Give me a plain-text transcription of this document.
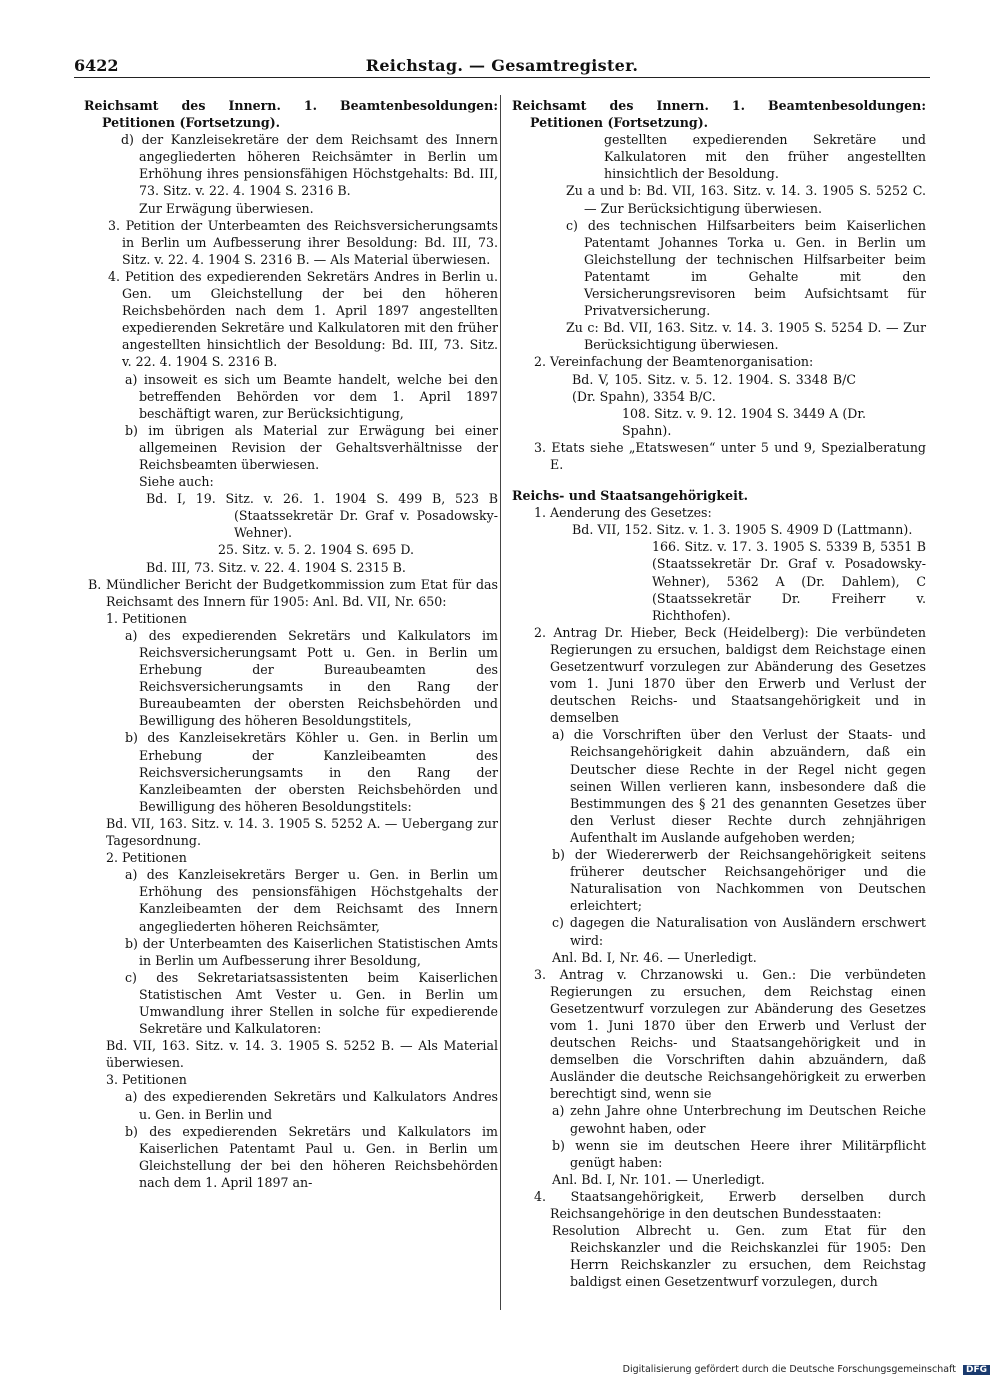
6422	Reichstag. — Gesamtregister.

Reichsamt des Innern. 1. Beamtenbesoldungen: Petitionen (Fortsetzung).

d) der Kanzleisekretäre der dem Reichsamt des Innern angegliederten höheren Reichsämter in Berlin um Erhöhung ihres pensionsfähigen Höchstgehalts: Bd. III, 73. Sitz. v. 22. 4. 1904 S. 2316 B.

Zur Erwägung überwiesen.

3. Petition der Unterbeamten des Reichsversicherungsamts in Berlin um Aufbesserung ihrer Besoldung: Bd. III, 73. Sitz. v. 22. 4. 1904 S. 2316 B. — Als Material überwiesen.

4. Petition des expedierenden Sekretärs Andres in Berlin u. Gen. um Gleichstellung der bei den höheren Reichsbehörden nach dem 1. April 1897 angestellten expedierenden Sekretäre und Kalkulatoren mit den früher angestellten hinsichtlich der Besoldung: Bd. III, 73. Sitz. v. 22. 4. 1904 S. 2316 B.

a) insoweit es sich um Beamte handelt, welche bei den betreffenden Behörden vor dem 1. April 1897 beschäftigt waren, zur Berücksichtigung,

b) im übrigen als Material zur Erwägung bei einer allgemeinen Revision der Gehaltsverhältnisse der Reichsbeamten überwiesen.

Siehe auch:

Bd. I, 19. Sitz. v. 26. 1. 1904 S. 499 B, 523 B (Staatssekretär Dr. Graf v. Posadowsky-Wehner).

25. Sitz. v. 5. 2. 1904 S. 695 D.

Bd. III, 73. Sitz. v. 22. 4. 1904 S. 2315 B.

B. Mündlicher Bericht der Budgetkommission zum Etat für das Reichsamt des Innern für 1905: Anl. Bd. VII, Nr. 650:

1. Petitionen

a) des expedierenden Sekretärs und Kalkulators im Reichsversicherungsamt Pott u. Gen. in Berlin um Erhebung der Bureaubeamten des Reichsversicherungsamts in den Rang der Bureaubeamten der obersten Reichsbehörden und Bewilligung des höheren Besoldungstitels,

b) des Kanzleisekretärs Köhler u. Gen. in Berlin um Erhebung der Kanzleibeamten des Reichsversicherungsamts in den Rang der Kanzleibeamten der obersten Reichsbehörden und Bewilligung des höheren Besoldungstitels:

Bd. VII, 163. Sitz. v. 14. 3. 1905 S. 5252 A. — Uebergang zur Tagesordnung.

2. Petitionen

a) des Kanzleisekretärs Berger u. Gen. in Berlin um Erhöhung des pensionsfähigen Höchstgehalts der Kanzleibeamten der dem Reichsamt des Innern angegliederten höheren Reichsämter,

b) der Unterbeamten des Kaiserlichen Statistischen Amts in Berlin um Aufbesserung ihrer Besoldung,

c) des Sekretariatsassistenten beim Kaiserlichen Statistischen Amt Vester u. Gen. in Berlin um Umwandlung ihrer Stellen in solche für expedierende Sekretäre und Kalkulatoren:

Bd. VII, 163. Sitz. v. 14. 3. 1905 S. 5252 B. — Als Material überwiesen.

3. Petitionen

a) des expedierenden Sekretärs und Kalkulators Andres u. Gen. in Berlin und

b) des expedierenden Sekretärs und Kalkulators im Kaiserlichen Patentamt Paul u. Gen. in Berlin um Gleichstellung der bei den höheren Reichsbehörden nach dem 1. April 1897 an-

Reichsamt des Innern. 1. Beamtenbesoldungen: Petitionen (Fortsetzung).

gestellten expedierenden Sekretäre und Kalkulatoren mit den früher angestellten hinsichtlich der Besoldung.

Zu a und b: Bd. VII, 163. Sitz. v. 14. 3. 1905 S. 5252 C. — Zur Berücksichtigung überwiesen.

c) des technischen Hilfsarbeiters beim Kaiserlichen Patentamt Johannes Torka u. Gen. in Berlin um Gleichstellung der technischen Hilfsarbeiter beim Patentamt im Gehalte mit den Versicherungsrevisoren beim Aufsichtsamt für Privatversicherung.

Zu c: Bd. VII, 163. Sitz. v. 14. 3. 1905 S. 5254 D. — Zur Berücksichtigung überwiesen.

2. Vereinfachung der Beamtenorganisation:

Bd. V, 105. Sitz. v. 5. 12. 1904. S. 3348 B/C (Dr. Spahn), 3354 B/C.

108. Sitz. v. 9. 12. 1904 S. 3449 A (Dr. Spahn).

3. Etats siehe „Etatswesen“ unter 5 und 9, Spezialberatung E.

Reichs- und Staatsangehörigkeit.

1. Aenderung des Gesetzes:

Bd. VII, 152. Sitz. v. 1. 3. 1905 S. 4909 D (Lattmann).

166. Sitz. v. 17. 3. 1905 S. 5339 B, 5351 B (Staatssekretär Dr. Graf v. Posadowsky-Wehner), 5362 A (Dr. Dahlem), C (Staatssekretär Dr. Freiherr v. Richthofen).

2. Antrag Dr. Hieber, Beck (Heidelberg): Die verbündeten Regierungen zu ersuchen, baldigst dem Reichstage einen Gesetzentwurf vorzulegen zur Abänderung des Gesetzes vom 1. Juni 1870 über den Erwerb und Verlust der deutschen Reichs- und Staatsangehörigkeit und in demselben

a) die Vorschriften über den Verlust der Staats- und Reichsangehörigkeit dahin abzuändern, daß ein Deutscher diese Rechte in der Regel nicht gegen seinen Willen verlieren kann, insbesondere daß die Bestimmungen des § 21 des genannten Gesetzes über den Verlust dieser Rechte durch zehnjährigen Aufenthalt im Auslande aufgehoben werden;

b) der Wiedererwerb der Reichsangehörigkeit seitens früherer deutscher Reichsangehöriger und die Naturalisation von Nachkommen von Deutschen erleichtert;

c) dagegen die Naturalisation von Ausländern erschwert wird:

Anl. Bd. I, Nr. 46. — Unerledigt.

3. Antrag v. Chrzanowski u. Gen.: Die verbündeten Regierungen zu ersuchen, dem Reichstag einen Gesetzentwurf vorzulegen zur Abänderung des Gesetzes vom 1. Juni 1870 über den Erwerb und Verlust der deutschen Reichs- und Staatsangehörigkeit und in demselben die Vorschriften dahin abzuändern, daß Ausländer die deutsche Reichsangehörigkeit zu erwerben berechtigt sind, wenn sie

a) zehn Jahre ohne Unterbrechung im Deutschen Reiche gewohnt haben, oder

b) wenn sie im deutschen Heere ihrer Militärpflicht genügt haben:

Anl. Bd. I, Nr. 101. — Unerledigt.

4. Staatsangehörigkeit, Erwerb derselben durch Reichsangehörige in den deutschen Bundesstaaten:

Resolution Albrecht u. Gen. zum Etat für den Reichskanzler und die Reichskanzlei für 1905: Den Herrn Reichskanzler zu ersuchen, dem Reichstag baldigst einen Gesetzentwurf vorzulegen, durch

Digitalisierung gefördert durch die Deutsche Forschungsgemeinschaft DFG
